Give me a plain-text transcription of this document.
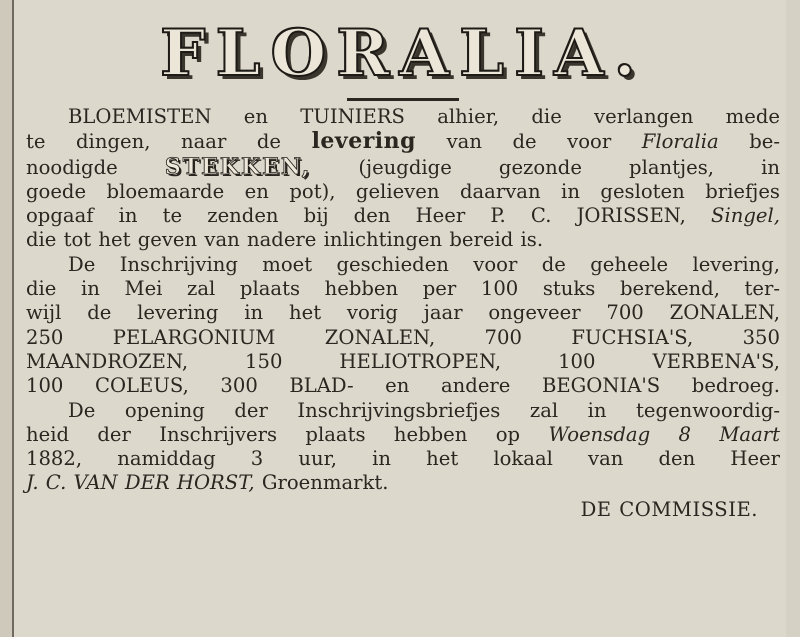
FLORALIA.
BLOEMISTEN en TUINIERS alhier, die verlangen mede
te dingen, naar de levering van de voor Floralia be-
noodigde STEKKEN, (jeugdige gezonde plantjes, in
goede bloemaarde en pot), gelieven daarvan in gesloten briefjes
opgaaf in te zenden bij den Heer P. C. JORISSEN, Singel,
die tot het geven van nadere inlichtingen bereid is.
De Inschrijving moet geschieden voor de geheele levering,
die in Mei zal plaats hebben per 100 stuks berekend, ter-
wijl de levering in het vorig jaar ongeveer 700 ZONALEN,
250 PELARGONIUM ZONALEN, 700 FUCHSIA'S, 350
MAANDROZEN, 150 HELIOTROPEN, 100 VERBENA'S,
100 COLEUS, 300 BLAD- en andere BEGONIA'S bedroeg.
De opening der Inschrijvingsbriefjes zal in tegenwoordig-
heid der Inschrijvers plaats hebben op Woensdag 8 Maart
1882, namiddag 3 uur, in het lokaal van den Heer
J. C. VAN DER HORST, Groenmarkt.
DE COMMISSIE.
